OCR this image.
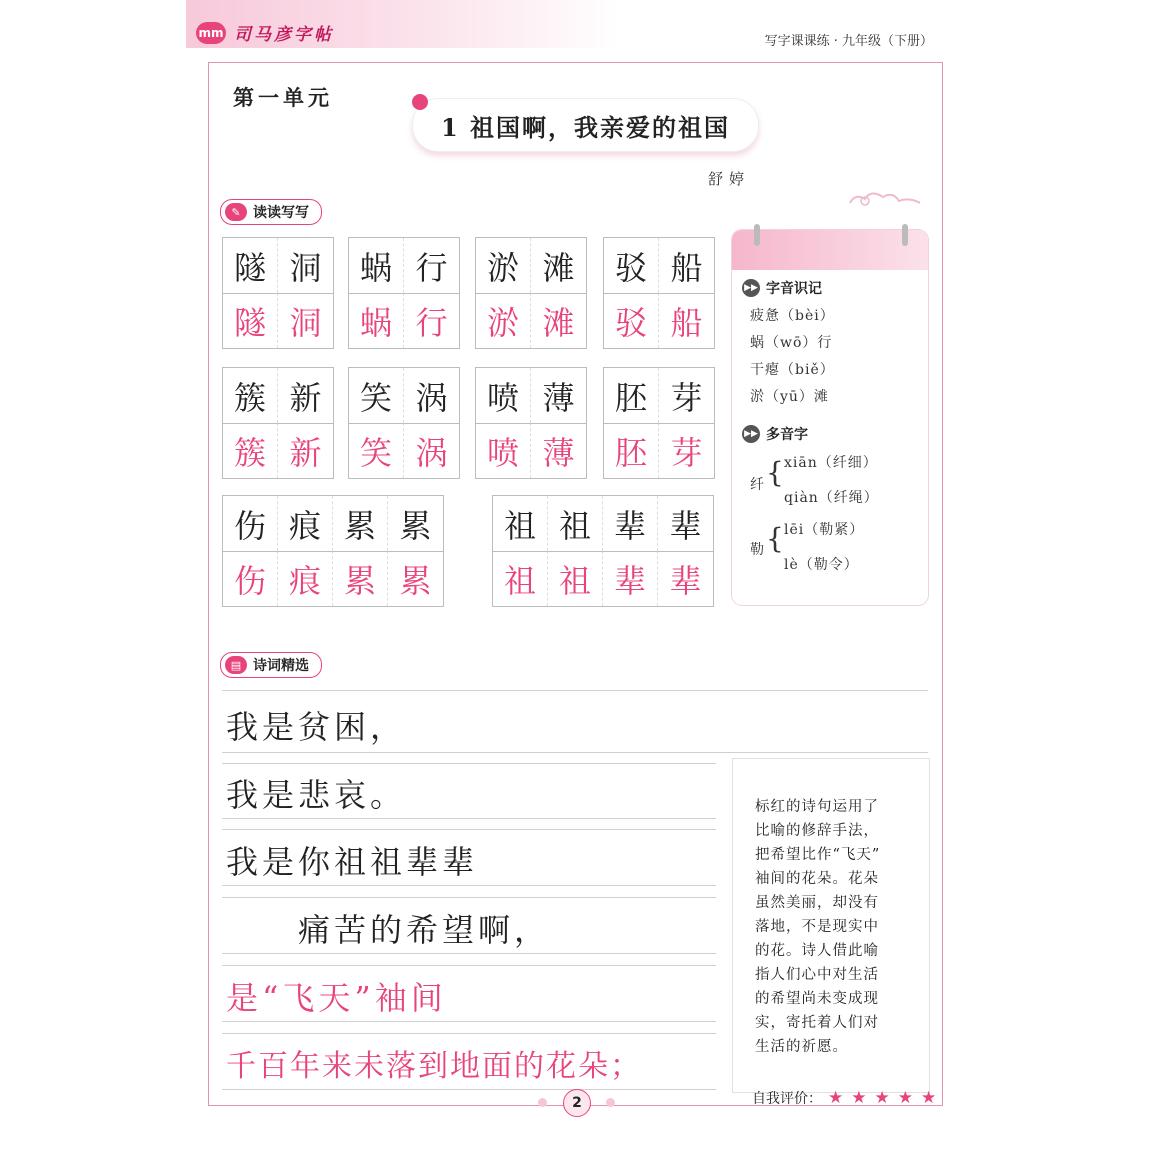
mm 司马彦字帖	写字课课练 · 九年级（下册）
第一单元
1 祖国啊，我亲爱的祖国
舒婷
✎ 读读写写
隧
隧
洞
洞
蜗
蜗
行
行
淤
淤
滩
滩
驳
驳
船
船
簇
簇
新
新
笑
笑
涡
涡
喷
喷
薄
薄
胚
胚
芽
芽
伤
伤
痕
痕
累
累
累
累
祖
祖
祖
祖
辈
辈
辈
辈
▶▶ 字音识记
疲惫（bèi）
蜗（wō）行
干瘪（biě）
淤（yū）滩
▶▶ 多音字
纤 { xiān（纤细）
qiàn（纤绳）
勒 { lēi（勒紧）
lè（勒令）
▤ 诗词精选
我是贫困，
我是悲哀。
我是你祖祖辈辈
　　痛苦的希望啊，
是“飞天”袖间
千百年来未落到地面的花朵；
标红的诗句运用了
比喻的修辞手法，
把希望比作“飞天”
袖间的花朵。花朵
虽然美丽，却没有
落地，不是现实中
的花。诗人借此喻
指人们心中对生活
的希望尚未变成现
实，寄托着人们对
生活的祈愿。
2	自我评价： ★★★★★
